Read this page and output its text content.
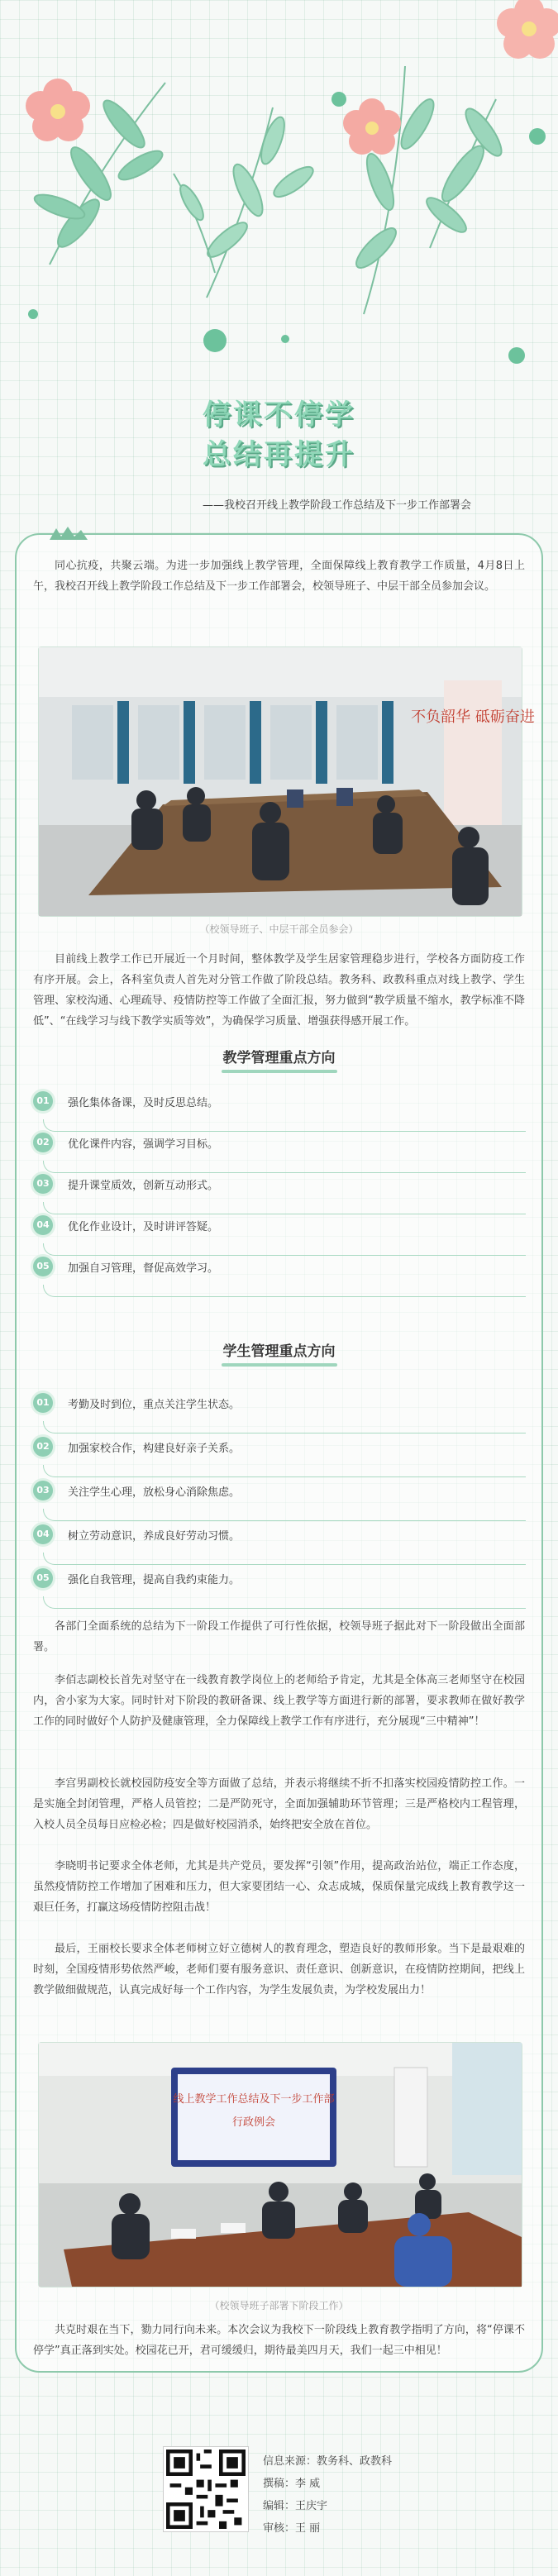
停课不停学
总结再提升
——我校召开线上教学阶段工作总结及下一步工作部署会
同心抗疫，共聚云端。为进一步加强线上教学管理，全面保障线上教育教学工作质量，4月8日上午，我校召开线上教学阶段工作总结及下一步工作部署会，校领导班子、中层干部全员参加会议。
不负韶华 砥砺奋进
（校领导班子、中层干部全员参会）
目前线上教学工作已开展近一个月时间，整体教学及学生居家管理稳步进行，学校各方面防疫工作有序开展。会上，各科室负责人首先对分管工作做了阶段总结。教务科、政教科重点对线上教学、学生管理、家校沟通、心理疏导、疫情防控等工作做了全面汇报，努力做到“教学质量不缩水，教学标准不降低”、“在线学习与线下教学实质等效”，为确保学习质量、增强获得感开展工作。
教学管理重点方向
01	强化集体备课，及时反思总结。
02	优化课件内容，强调学习目标。
03	提升课堂质效，创新互动形式。
04	优化作业设计，及时讲评答疑。
05	加强自习管理，督促高效学习。
学生管理重点方向
01	考勤及时到位，重点关注学生状态。
02	加强家校合作，构建良好亲子关系。
03	关注学生心理，放松身心消除焦虑。
04	树立劳动意识，养成良好劳动习惯。
05	强化自我管理，提高自我约束能力。
各部门全面系统的总结为下一阶段工作提供了可行性依据，校领导班子据此对下一阶段做出全面部署。
李佰志副校长首先对坚守在一线教育教学岗位上的老师给予肯定，尤其是全体高三老师坚守在校园内，舍小家为大家。同时针对下阶段的教研备课、线上教学等方面进行新的部署，要求教师在做好教学工作的同时做好个人防护及健康管理，全力保障线上教学工作有序进行，充分展现“三中精神”！
李宫男副校长就校园防疫安全等方面做了总结，并表示将继续不折不扣落实校园疫情防控工作。一是实施全封闭管理，严格人员管控；二是严防死守，全面加强辅助环节管理；三是严格校内工程管理，入校人员全员每日应检必检；四是做好校园消杀，始终把安全放在首位。
李晓明书记要求全体老师，尤其是共产党员，要发挥“引领”作用，提高政治站位，端正工作态度，虽然疫情防控工作增加了困难和压力，但大家要团结一心、众志成城，保质保量完成线上教育教学这一艰巨任务，打赢这场疫情防控阻击战！
最后，王丽校长要求全体老师树立好立德树人的教育理念，塑造良好的教师形象。当下是最艰难的时刻，全国疫情形势依然严峻，老师们要有服务意识、责任意识、创新意识，在疫情防控期间，把线上教学做细做规范，认真完成好每一个工作内容，为学生发展负责，为学校发展出力！
线上教学工作总结及下一步工作部
行政例会
（校领导班子部署下阶段工作）
共克时艰在当下，勠力同行向未来。本次会议为我校下一阶段线上教育教学指明了方向，将“停课不停学”真正落到实处。校园花已开，君可缓缓归，期待最美四月天，我们一起三中相见！
信息来源：教务科、政教科
撰稿：李 威
编辑：王庆宇
审核：王 丽
